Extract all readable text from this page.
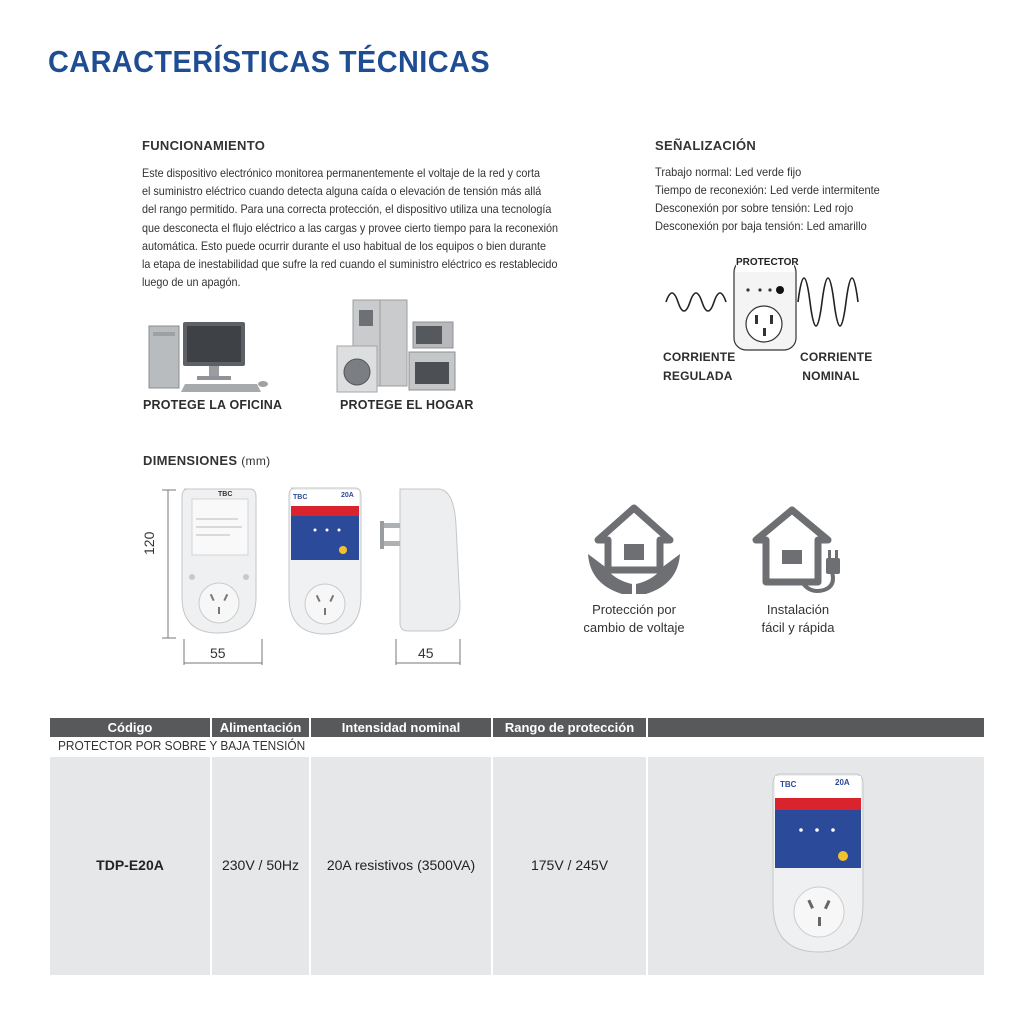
CARACTERÍSTICAS TÉCNICAS
FUNCIONAMIENTO
Este dispositivo electrónico monitorea permanentemente el voltaje de la red y corta
el suministro eléctrico cuando detecta alguna caída o elevación de tensión más allá
del rango permitido. Para una correcta protección, el dispositivo utiliza una tecnología
que desconecta el flujo eléctrico a las cargas y provee cierto tiempo para la reconexión
automática. Esto puede ocurrir durante el uso habitual de los equipos o bien durante
la etapa de inestabilidad que sufre la red cuando el suministro eléctrico es restablecido
luego de un apagón.
PROTEGE LA OFICINA	PROTEGE EL HOGAR
SEÑALIZACIÓN
Trabajo normal: Led verde fijo
Tiempo de reconexión: Led verde intermitente
Desconexión por sobre tensión: Led rojo
Desconexión por baja tensión: Led amarillo
PROTECTOR
CORRIENTE
REGULADA
CORRIENTE
NOMINAL
DIMENSIONES (mm)
TBC
120
55
TBC	20A
45
Protección por
cambio de voltaje
Instalación
fácil y rápida
Código	Alimentación	Intensidad nominal	Rango de protección
PROTECTOR POR SOBRE Y BAJA TENSIÓN
TDP-E20A	230V / 50Hz	20A resistivos (3500VA)	175V / 245V
TBC	20A
